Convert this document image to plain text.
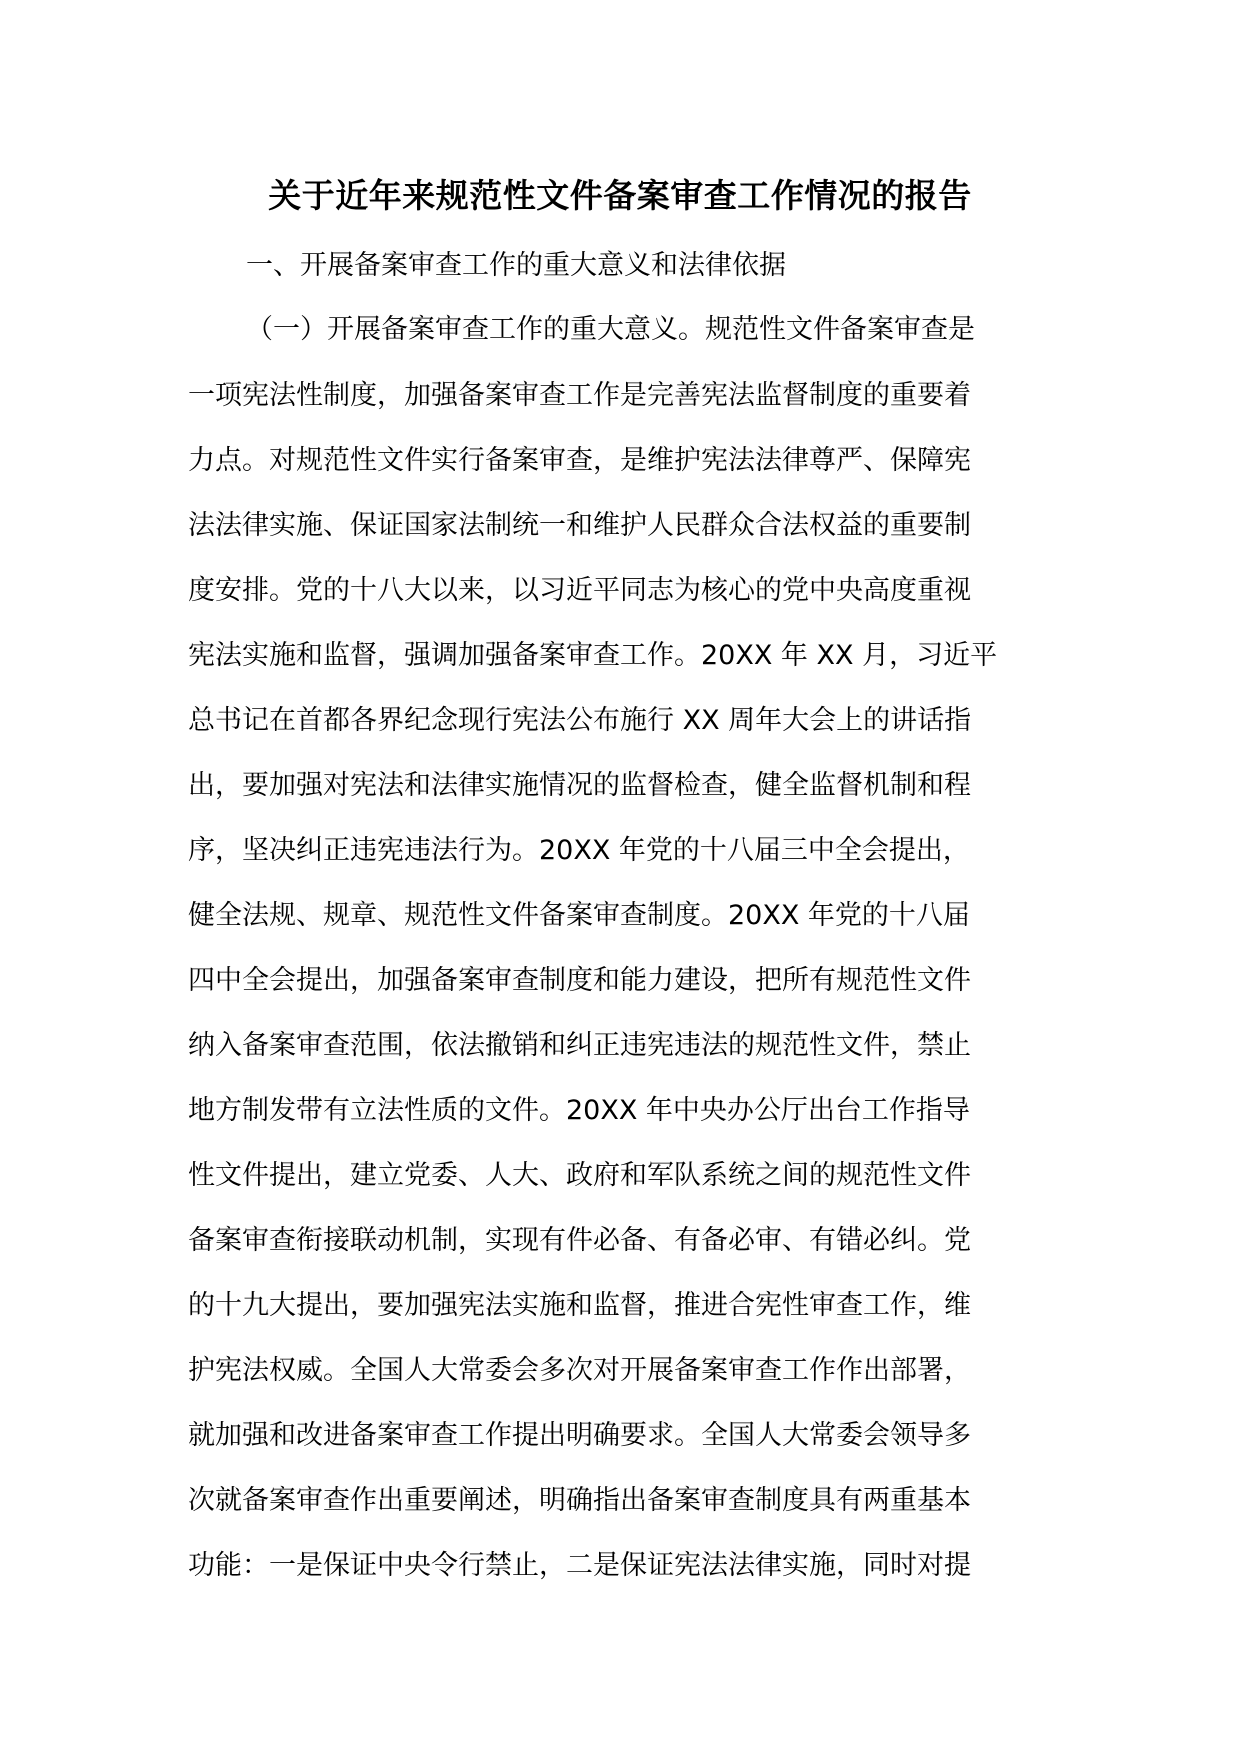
关于近年来规范性文件备案审查工作情况的报告
一、开展备案审查工作的重大意义和法律依据
（一）开展备案审查工作的重大意义。规范性文件备案审查是
一项宪法性制度，加强备案审查工作是完善宪法监督制度的重要着
力点。对规范性文件实行备案审查，是维护宪法法律尊严、保障宪
法法律实施、保证国家法制统一和维护人民群众合法权益的重要制
度安排。党的十八大以来，以习近平同志为核心的党中央高度重视
宪法实施和监督，强调加强备案审查工作。20XX 年 XX 月，习近平
总书记在首都各界纪念现行宪法公布施行 XX 周年大会上的讲话指
出，要加强对宪法和法律实施情况的监督检查，健全监督机制和程
序，坚决纠正违宪违法行为。20XX 年党的十八届三中全会提出，
健全法规、规章、规范性文件备案审查制度。20XX 年党的十八届
四中全会提出，加强备案审查制度和能力建设，把所有规范性文件
纳入备案审查范围，依法撤销和纠正违宪违法的规范性文件，禁止
地方制发带有立法性质的文件。20XX 年中央办公厅出台工作指导
性文件提出，建立党委、人大、政府和军队系统之间的规范性文件
备案审查衔接联动机制，实现有件必备、有备必审、有错必纠。党
的十九大提出，要加强宪法实施和监督，推进合宪性审查工作，维
护宪法权威。全国人大常委会多次对开展备案审查工作作出部署，
就加强和改进备案审查工作提出明确要求。全国人大常委会领导多
次就备案审查作出重要阐述，明确指出备案审查制度具有两重基本
功能：一是保证中央令行禁止，二是保证宪法法律实施，同时对提
